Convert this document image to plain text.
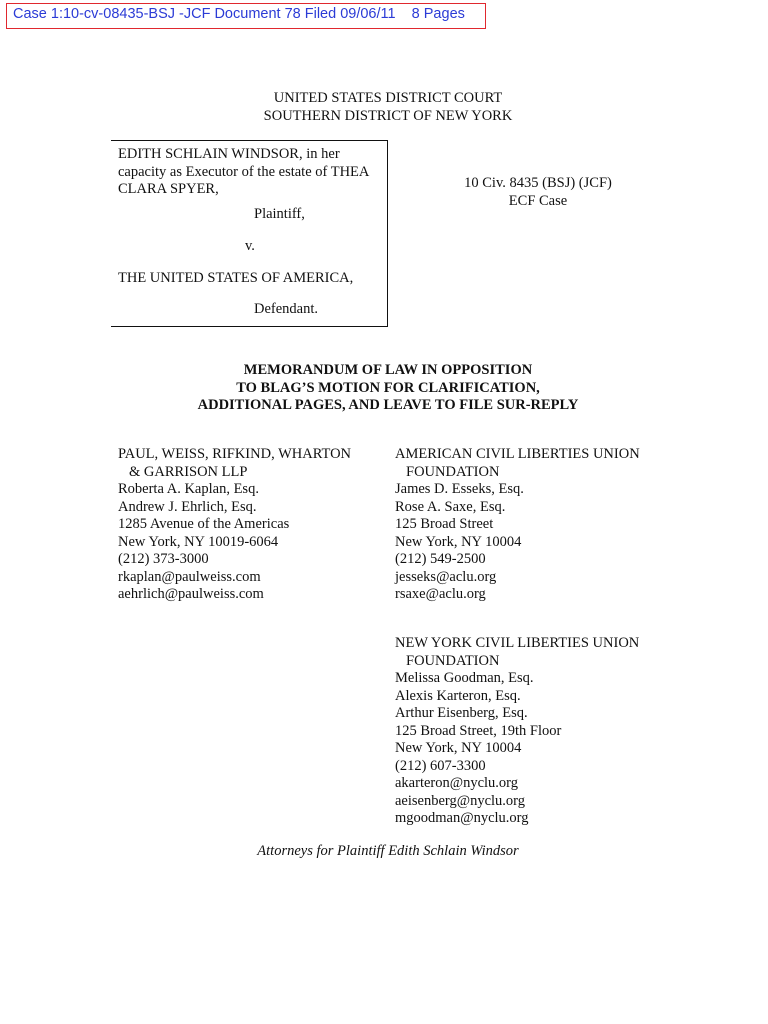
Case 1:10-cv-08435-BSJ -JCF Document 78 Filed 09/06/11    8 Pages
UNITED STATES DISTRICT COURT
SOUTHERN DISTRICT OF NEW YORK
EDITH SCHLAIN WINDSOR, in her
capacity as Executor of the estate of THEA
CLARA SPYER,
Plaintiff,
v.
THE UNITED STATES OF AMERICA,
Defendant.
10 Civ. 8435 (BSJ) (JCF)
ECF Case
MEMORANDUM OF LAW IN OPPOSITION
TO BLAG’S MOTION FOR CLARIFICATION,
ADDITIONAL PAGES, AND LEAVE TO FILE SUR-REPLY
PAUL, WEISS, RIFKIND, WHARTON
& GARRISON LLP
Roberta A. Kaplan, Esq.
Andrew J. Ehrlich, Esq.
1285 Avenue of the Americas
New York, NY 10019-6064
(212) 373-3000
rkaplan@paulweiss.com
aehrlich@paulweiss.com
AMERICAN CIVIL LIBERTIES UNION
FOUNDATION
James D. Esseks, Esq.
Rose A. Saxe, Esq.
125 Broad Street
New York, NY 10004
(212) 549-2500
jesseks@aclu.org
rsaxe@aclu.org
NEW YORK CIVIL LIBERTIES UNION
FOUNDATION
Melissa Goodman, Esq.
Alexis Karteron, Esq.
Arthur Eisenberg, Esq.
125 Broad Street, 19th Floor
New York, NY 10004
(212) 607-3300
akarteron@nyclu.org
aeisenberg@nyclu.org
mgoodman@nyclu.org
Attorneys for Plaintiff Edith Schlain Windsor
